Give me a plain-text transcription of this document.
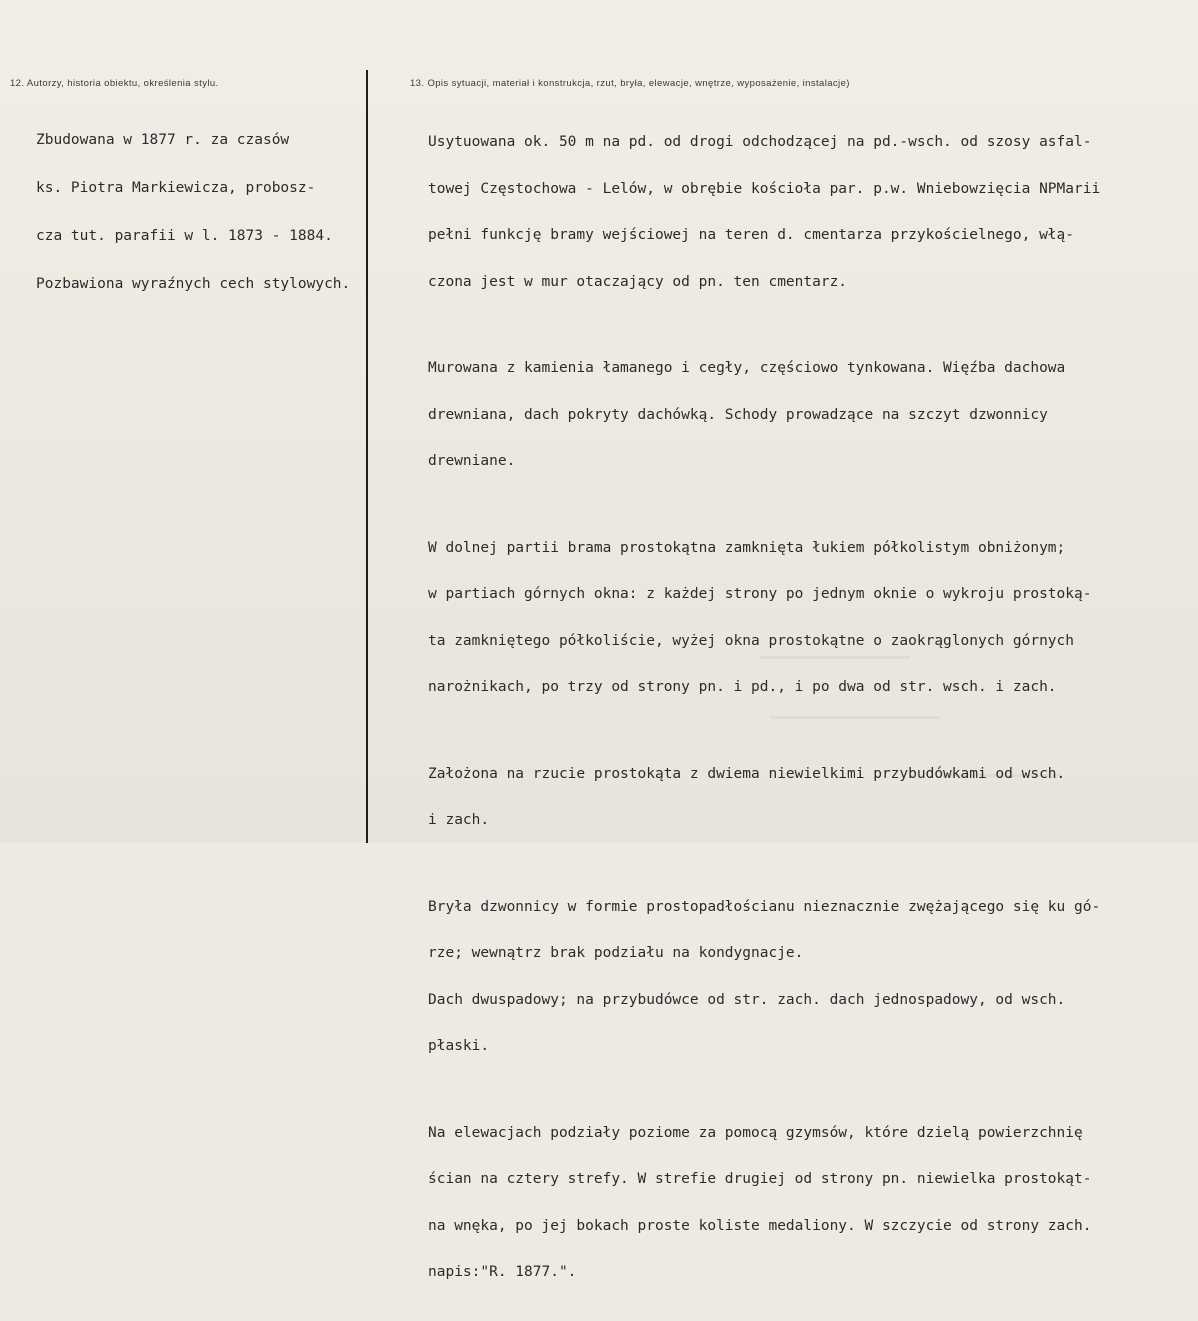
12. Autorzy, historia obiektu, określenia stylu.	13. Opis sytuacji, materiał i konstrukcja, rzut, bryła, elewacje, wnętrze, wyposażenie, instalacje)

Zbudowana w 1877 r. za czasów

ks. Piotra Markiewicza, probosz-

cza tut. parafii w l. 1873 - 1884.

Pozbawiona wyraźnych cech stylowych.

Usytuowana ok. 50 m na pd. od drogi odchodzącej na pd.-wsch. od szosy asfal-

towej Częstochowa - Lelów, w obrębie kościoła par. p.w. Wniebowzięcia NPMarii

pełni funkcję bramy wejściowej na teren d. cmentarza przykościelnego, włą-

czona jest w mur otaczający od pn. ten cmentarz.

Murowana z kamienia łamanego i cegły, częściowo tynkowana. Więźba dachowa

drewniana, dach pokryty dachówką. Schody prowadzące na szczyt dzwonnicy

drewniane.

W dolnej partii brama prostokątna zamknięta łukiem półkolistym obniżonym;

w partiach górnych okna: z każdej strony po jednym oknie o wykroju prostoką-

ta zamkniętego półkoliście, wyżej okna prostokątne o zaokrąglonych górnych

narożnikach, po trzy od strony pn. i pd., i po dwa od str. wsch. i zach.

Założona na rzucie prostokąta z dwiema niewielkimi przybudówkami od wsch.

i zach.

Bryła dzwonnicy w formie prostopadłościanu nieznacznie zwężającego się ku gó-

rze; wewnątrz brak podziału na kondygnacje.

Dach dwuspadowy; na przybudówce od str. zach. dach jednospadowy, od wsch.

płaski.

Na elewacjach podziały poziome za pomocą gzymsów, które dzielą powierzchnię

ścian na cztery strefy. W strefie drugiej od strony pn. niewielka prostokąt-

na wnęka, po jej bokach proste koliste medaliony. W szczycie od strony zach.

napis:"R. 1877.".
